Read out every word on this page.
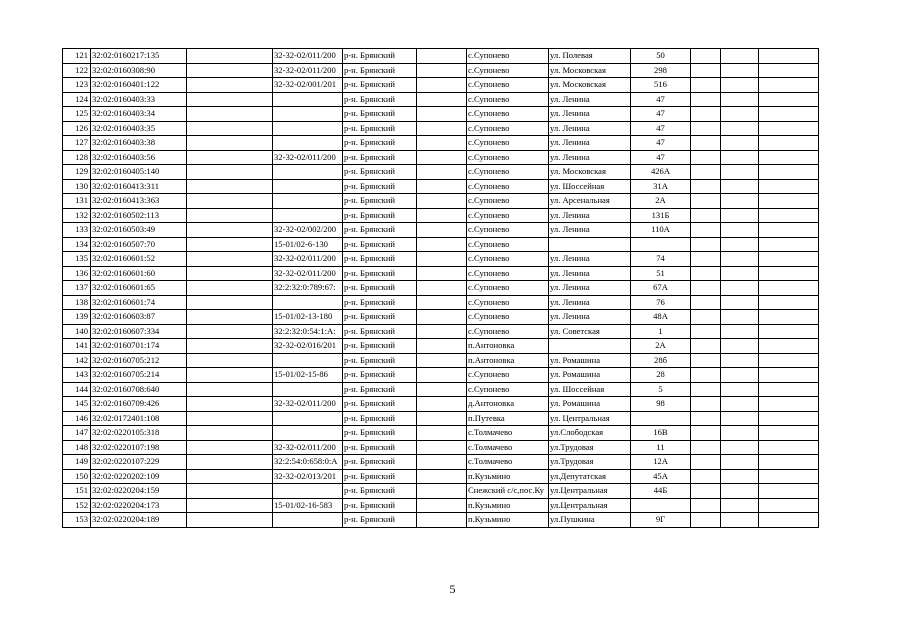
121	32:02:0160217:135		32-32-02/011/200	р-н. Брянский		с.Супонево	ул. Полевая	50			
122	32:02:0160308:90		32-32-02/011/200	р-н. Брянский		с.Супонево	ул. Московская	298			
123	32:02:0160401:122		32-32-02/001/201	р-н. Брянский		с.Супонево	ул. Московская	516			
124	32:02:0160403:33			р-н. Брянский		с.Супонево	ул. Ленина	47			
125	32:02:0160403:34			р-н. Брянский		с.Супонево	ул. Ленина	47			
126	32:02:0160403:35			р-н. Брянский		с.Супонево	ул. Ленина	47			
127	32:02:0160403:38			р-н. Брянский		с.Супонево	ул. Ленина	47			
128	32:02:0160403:56		32-32-02/011/200	р-н. Брянский		с.Супонево	ул. Ленина	47			
129	32:02:0160405:140			р-н. Брянский		с.Супонево	ул. Московская	426А			
130	32:02:0160413:311			р-н. Брянский		с.Супонево	ул. Шоссейная	31А			
131	32:02:0160413:363			р-н. Брянский		с.Супонево	ул. Арсенальная	2А			
132	32:02:0160502:113			р-н. Брянский		с.Супонево	ул. Ленина	131Б			
133	32:02:0160503:49		32-32-02/002/200	р-н. Брянский		с.Супонево	ул. Ленина	110А			
134	32:02:0160507:70		15-01/02-6-130	р-н. Брянский		с.Супонево					
135	32:02:0160601:52		32-32-02/011/200	р-н. Брянский		с.Супонево	ул. Ленина	74			
136	32:02:0160601:60		32-32-02/011/200	р-н. Брянский		с.Супонево	ул. Ленина	51			
137	32:02:0160601:65		32:2:32:0:789:67:	р-н. Брянский		с.Супонево	ул. Ленина	67А			
138	32:02:0160601:74			р-н. Брянский		с.Супонево	ул. Ленина	76			
139	32:02:0160603:87		15-01/02-13-180	р-н. Брянский		с.Супонево	ул. Ленина	48А			
140	32:02:0160607:334		32:2:32:0:54:1:А:	р-н. Брянский		с.Супонево	ул. Советская	1			
141	32:02:0160701:174		32-32-02/016/201	р-н. Брянский		п.Антоновка		2А			
142	32:02:0160705:212			р-н. Брянский		п.Антоновка	ул. Ромашина	28б			
143	32:02:0160705:214		15-01/02-15-86	р-н. Брянский		с.Супонево	ул. Ромашина	28			
144	32:02:0160708:640			р-н. Брянский		с.Супонево	ул. Шоссейная	5			
145	32:02:0160709:426		32-32-02/011/200	р-н. Брянский		д.Антоновка	ул. Ромашина	98			
146	32:02:0172401:108			р-н. Брянский		п.Путевка	ул. Центральная				
147	32:02:0220105:318			р-н. Брянский		с.Толмачево	ул.Слободская	16В			
148	32:02:0220107:198		32-32-02/011/200	р-н. Брянский		с.Толмачево	ул.Трудовая	11			
149	32:02:0220107:229		32:2:54:0:658:0:А	р-н. Брянский		с.Толмачево	ул.Трудовая	12А			
150	32:02:0220202:109		32-32-02/013/201	р-н. Брянский		п.Кузьмино	ул.Депутатская	45А			
151	32:02:0220204:159			р-н. Брянский		Снежский с/с,пос.Ку	ул.Центральная	44Б			
152	32:02:0220204:173		15-01/02-16-583	р-н. Брянский		п.Кузьмино	ул.Центральная				
153	32:02:0220204:189			р-н. Брянский		п.Кузьмино	ул.Пушкина	9Г			
5
